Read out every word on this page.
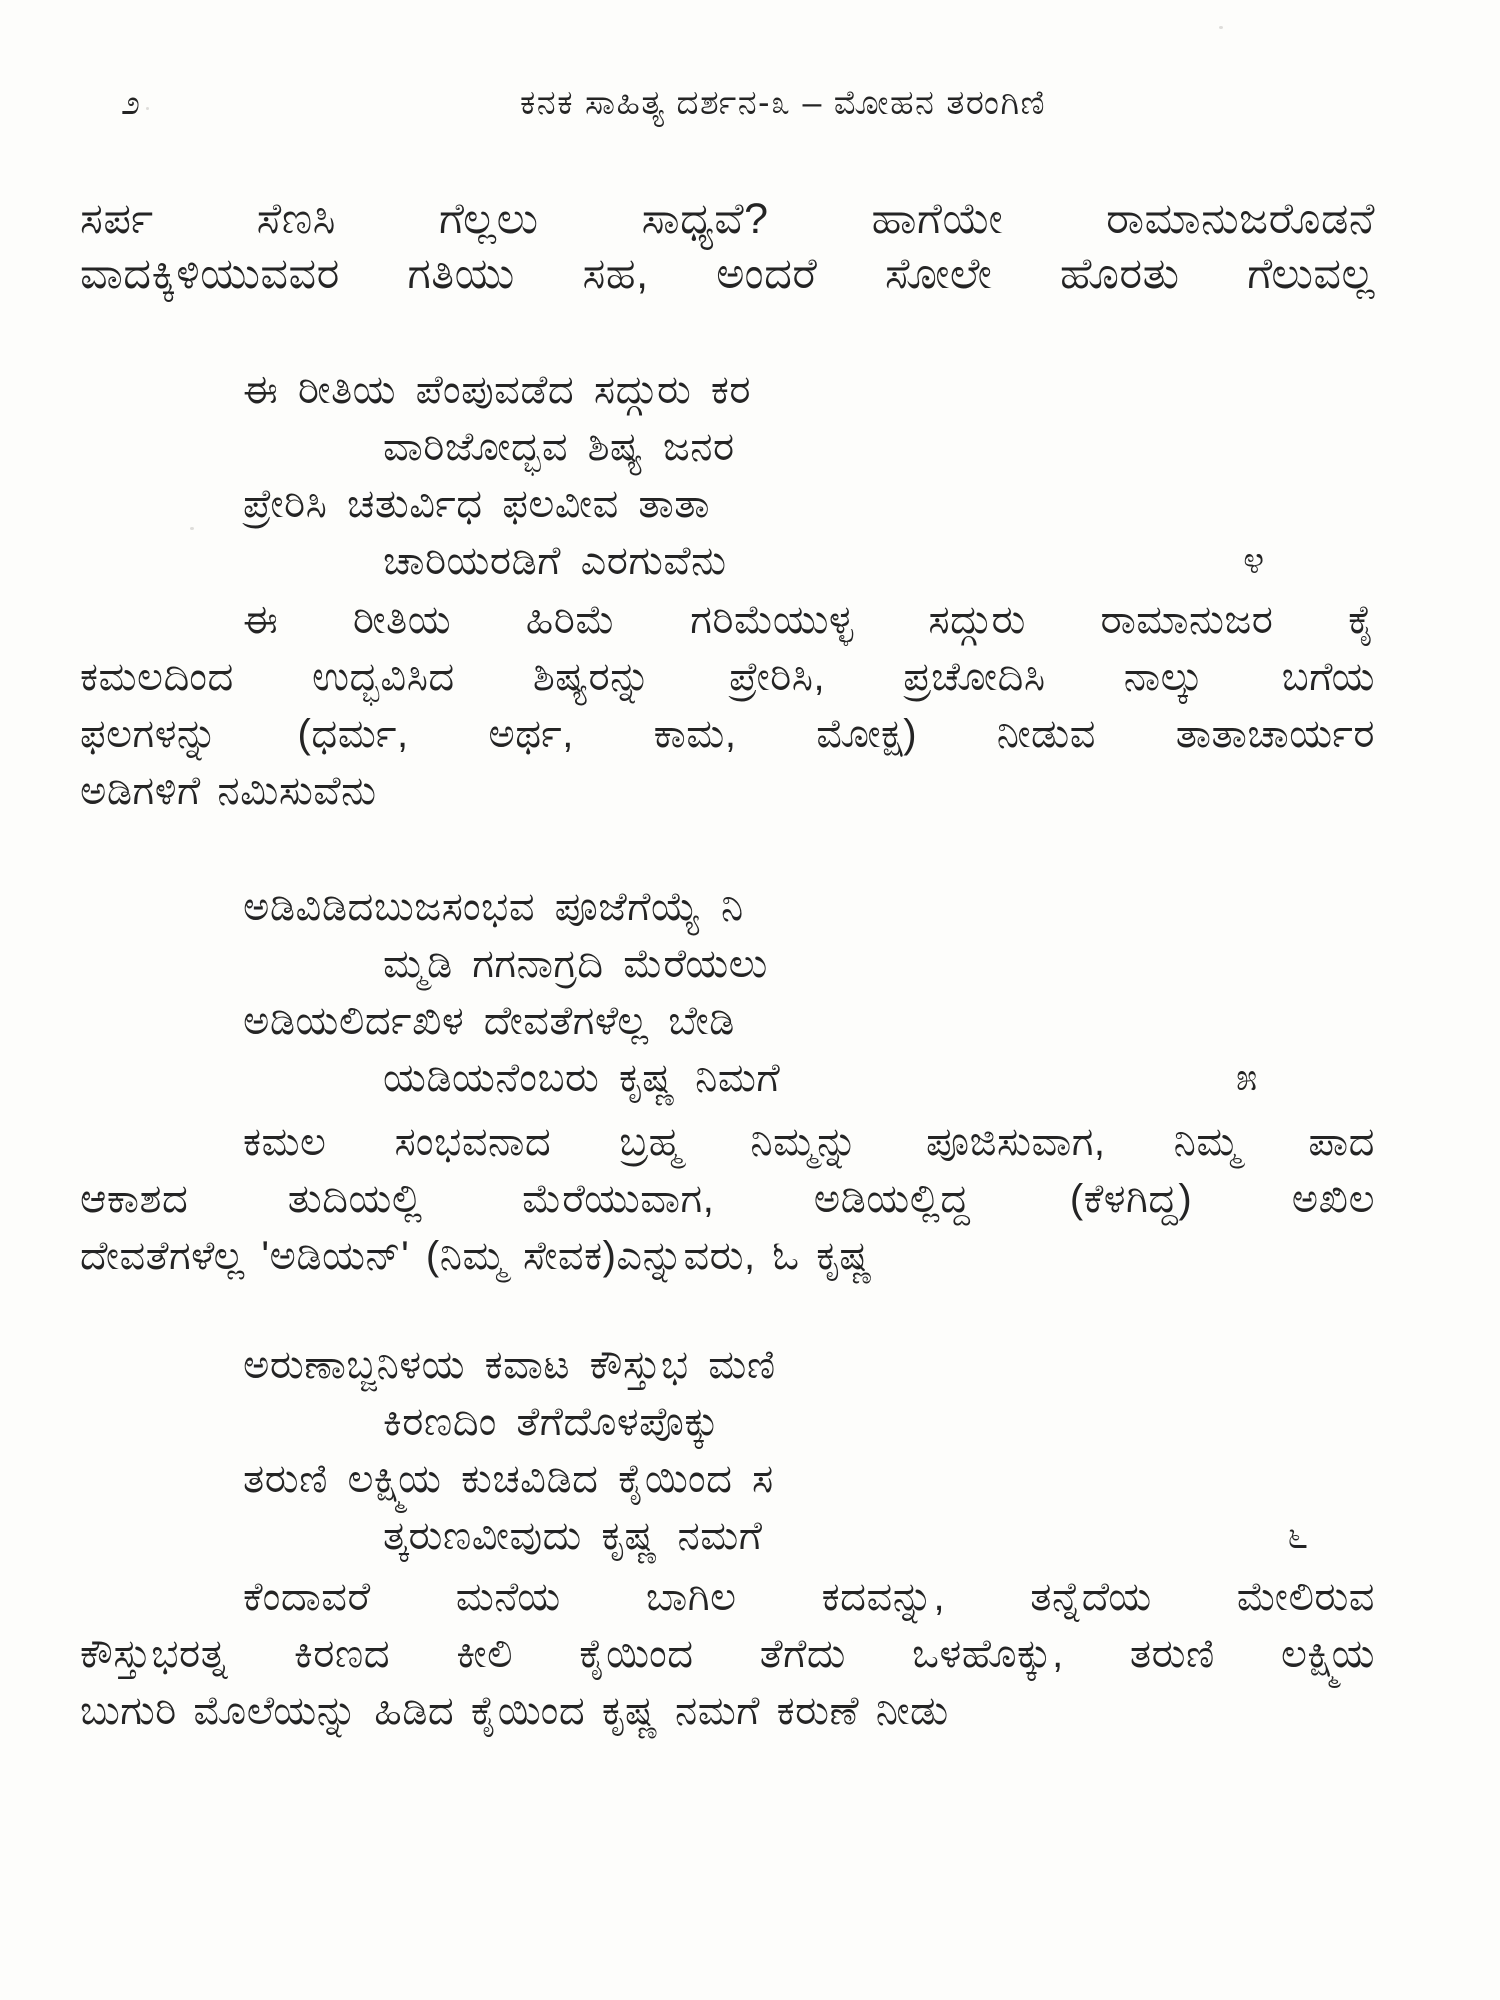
೨	ಕನಕ ಸಾಹಿತ್ಯ ದರ್ಶನ-೩ – ಮೋಹನ ತರಂಗಿಣಿ
ಸರ್ಪ ಸೆಣಸಿ ಗೆಲ್ಲಲು ಸಾಧ್ಯವೆ? ಹಾಗೆಯೇ ರಾಮಾನುಜರೊಡನೆ
ವಾದಕ್ಕಿಳಿಯುವವರ ಗತಿಯು ಸಹ, ಅಂದರೆ ಸೋಲೇ ಹೊರತು ಗೆಲುವಲ್ಲ
ಈ ರೀತಿಯ ಪೆಂಪುವಡೆದ ಸದ್ಗುರು ಕರ
ವಾರಿಜೋದ್ಭವ ಶಿಷ್ಯ ಜನರ
ಪ್ರೇರಿಸಿ ಚತುರ್ವಿಧ ಫಲವೀವ ತಾತಾ
ಚಾರಿಯರಡಿಗೆ ಎರಗುವೆನು	೪
ಈ ರೀತಿಯ ಹಿರಿಮೆ ಗರಿಮೆಯುಳ್ಳ ಸದ್ಗುರು ರಾಮಾನುಜರ ಕೈ
ಕಮಲದಿಂದ ಉದ್ಭವಿಸಿದ ಶಿಷ್ಯರನ್ನು ಪ್ರೇರಿಸಿ, ಪ್ರಚೋದಿಸಿ ನಾಲ್ಕು ಬಗೆಯ
ಫಲಗಳನ್ನು (ಧರ್ಮ, ಅರ್ಥ, ಕಾಮ, ಮೋಕ್ಷ) ನೀಡುವ ತಾತಾಚಾರ್ಯರ
ಅಡಿಗಳಿಗೆ ನಮಿಸುವೆನು
ಅಡಿವಿಡಿದಬುಜಸಂಭವ ಪೂಜೆಗೆಯ್ಯೆ ನಿ
ಮ್ಮಡಿ ಗಗನಾಗ್ರದಿ ಮೆರೆಯಲು
ಅಡಿಯಲಿರ್ದಖಿಳ ದೇವತೆಗಳೆಲ್ಲ ಬೇಡಿ
ಯಡಿಯನೆಂಬರು ಕೃಷ್ಣ ನಿಮಗೆ	೫
ಕಮಲ ಸಂಭವನಾದ ಬ್ರಹ್ಮ ನಿಮ್ಮನ್ನು ಪೂಜಿಸುವಾಗ, ನಿಮ್ಮ ಪಾದ
ಆಕಾಶದ ತುದಿಯಲ್ಲಿ ಮೆರೆಯುವಾಗ, ಅಡಿಯಲ್ಲಿದ್ದ (ಕೆಳಗಿದ್ದ) ಅಖಿಲ
ದೇವತೆಗಳೆಲ್ಲ 'ಅಡಿಯನ್' (ನಿಮ್ಮ ಸೇವಕ)ಎನ್ನುವರು, ಓ ಕೃಷ್ಣ
ಅರುಣಾಬ್ಜನಿಳಯ ಕವಾಟ ಕೌಸ್ತುಭ ಮಣಿ
ಕಿರಣದಿಂ ತೆಗೆದೊಳಪೊಕ್ಕು
ತರುಣಿ ಲಕ್ಷ್ಮಿಯ ಕುಚವಿಡಿದ ಕೈಯಿಂದ ಸ
ತ್ಕರುಣವೀವುದು ಕೃಷ್ಣ ನಮಗೆ	೬
ಕೆಂದಾವರೆ ಮನೆಯ ಬಾಗಿಲ ಕದವನ್ನು, ತನ್ನೆದೆಯ ಮೇಲಿರುವ
ಕೌಸ್ತುಭರತ್ನ ಕಿರಣದ ಕೀಲಿ ಕೈಯಿಂದ ತೆಗೆದು ಒಳಹೊಕ್ಕು, ತರುಣಿ ಲಕ್ಷ್ಮಿಯ
ಬುಗುರಿ ಮೊಲೆಯನ್ನು ಹಿಡಿದ ಕೈಯಿಂದ ಕೃಷ್ಣ ನಮಗೆ ಕರುಣೆ ನೀಡು
